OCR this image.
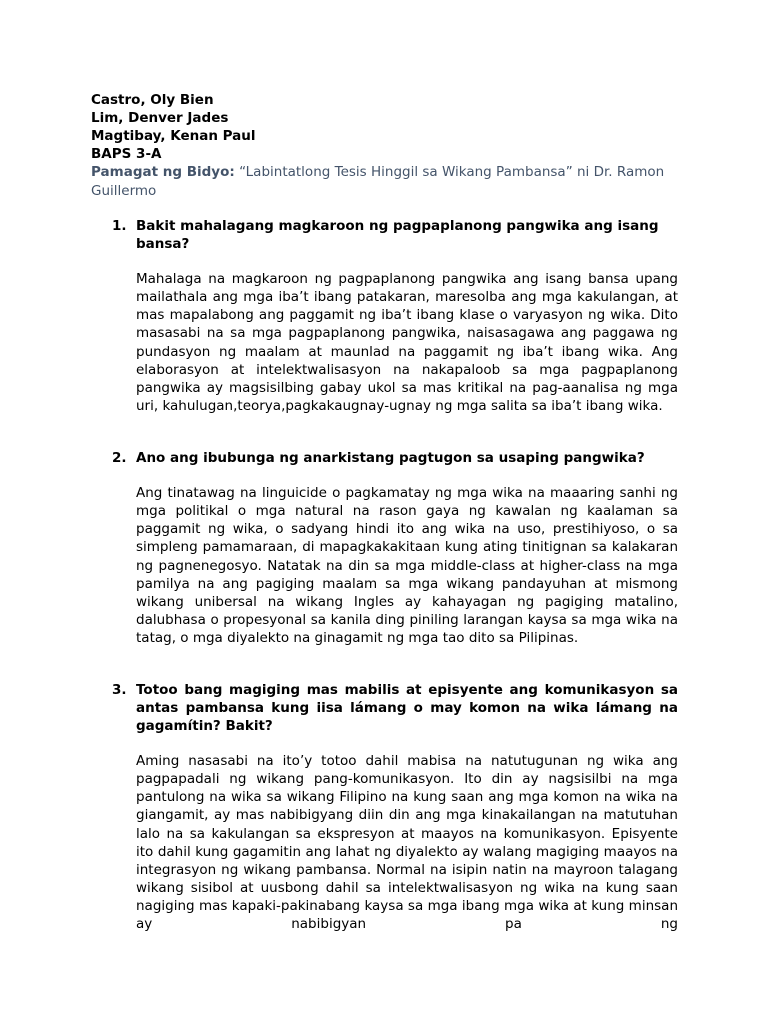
Castro, Oly Bien
Lim, Denver Jades
Magtibay, Kenan Paul
BAPS 3-A
Pamagat ng Bidyo: “Labintatlong Tesis Hinggil sa Wikang Pambansa” ni Dr. Ramon Guillermo
1. Bakit mahalagang magkaroon ng pagpaplanong pangwika ang isang bansa?
Mahalaga na magkaroon ng pagpaplanong pangwika ang isang bansa upang mailathala ang mga iba’t ibang patakaran, maresolba ang mga kakulangan, at mas mapalabong ang paggamit ng iba’t ibang klase o varyasyon ng wika. Dito masasabi na sa mga pagpaplanong pangwika, naisasagawa ang paggawa ng pundasyon ng maalam at maunlad na paggamit ng iba’t ibang wika. Ang elaborasyon at intelektwalisasyon na nakapaloob sa mga pagpaplanong pangwika ay magsisilbing gabay ukol sa mas kritikal na pag-aanalisa ng mga uri, kahulugan,teorya,pagkakaugnay-ugnay ng mga salita sa iba’t ibang wika.
2. Ano ang ibubunga ng anarkistang pagtugon sa usaping pangwika?
Ang tinatawag na linguicide o pagkamatay ng mga wika na maaaring sanhi ng mga politikal o mga natural na rason gaya ng kawalan ng kaalaman sa paggamit ng wika, o sadyang hindi ito ang wika na uso, prestihiyoso, o sa simpleng pamamaraan, di mapagkakakitaan kung ating tinitignan sa kalakaran ng pagnenegosyo. Natatak na din sa mga middle-class at higher-class na mga pamilya na ang pagiging maalam sa mga wikang pandayuhan at mismong wikang unibersal na wikang Ingles ay kahayagan ng pagiging matalino, dalubhasa o propesyonal sa kanila ding piniling larangan kaysa sa mga wika na tatag, o mga diyalekto na ginagamit ng mga tao dito sa Pilipinas.
3. Totoo bang magiging mas mabilis at episyente ang komunikasyon sa antas pambansa kung iisa lámang o may komon na wika lámang na gagamítin? Bakit?
Aming nasasabi na ito’y totoo dahil mabisa na natutugunan ng wika ang pagpapadali ng wikang pang-komunikasyon. Ito din ay nagsisilbi na mga pantulong na wika sa wikang Filipino na kung saan ang mga komon na wika na giangamit, ay mas nabibigyang diin din ang mga kinakailangan na matutuhan lalo na sa kakulangan sa ekspresyon at maayos na komunikasyon. Episyente ito dahil kung gagamitin ang lahat ng diyalekto ay walang magiging maayos na integrasyon ng wikang pambansa. Normal na isipin natin na mayroon talagang wikang sisibol at uusbong dahil sa intelektwalisasyon ng wika na kung saan nagiging mas kapaki-pakinabang kaysa sa mga ibang mga wika at kung minsan ay nabibigyan pa ng
